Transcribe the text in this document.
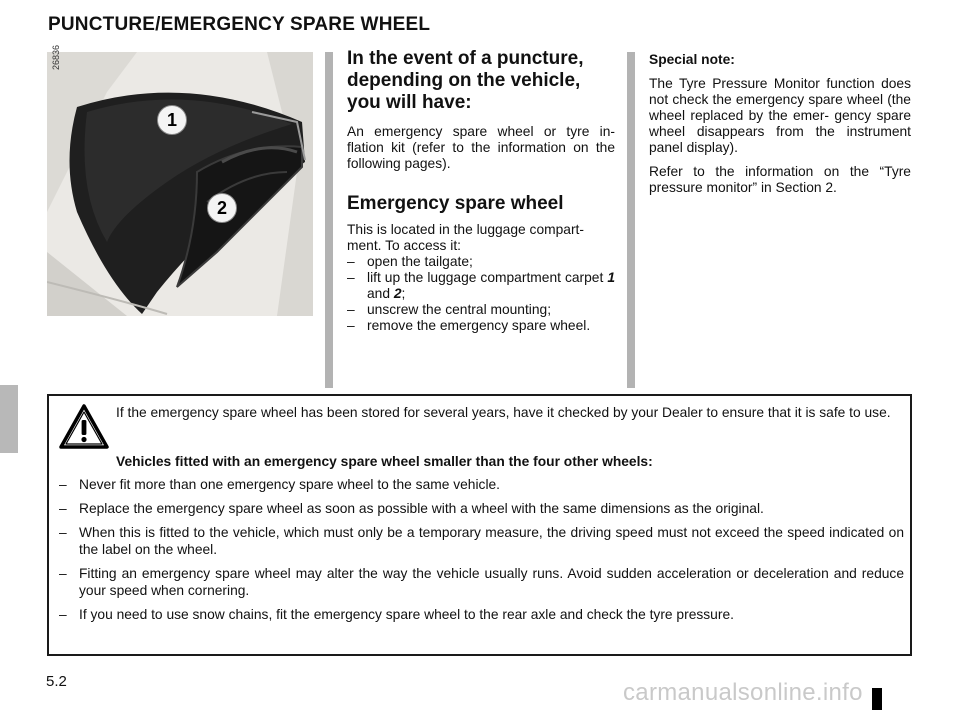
PUNCTURE/EMERGENCY SPARE WHEEL
1
2
26836	In the event of a puncture, depending on the vehicle, you will have:
An emergency spare wheel or tyre in- flation kit (refer to the information on the following pages).
Emergency spare wheel
This is located in the luggage compart- ment. To access it:
– open the tailgate;
– lift up the luggage compartment carpet 1 and 2;
– unscrew the central mounting;
– remove the emergency spare wheel.
Special note:
The Tyre Pressure Monitor function does not check the emergency spare wheel (the wheel replaced by the emer- gency spare wheel disappears from the instrument panel display).
Refer to the information on the “Tyre pressure monitor” in Section 2.
If the emergency spare wheel has been stored for several years, have it checked by your Dealer to ensure that it is safe to use.
Vehicles fitted with an emergency spare wheel smaller than the four other wheels:
– Never fit more than one emergency spare wheel to the same vehicle.
– Replace the emergency spare wheel as soon as possible with a wheel with the same dimensions as the original.
– When this is fitted to the vehicle, which must only be a temporary measure, the driving speed must not exceed the speed indicated on the label on the wheel.
– Fitting an emergency spare wheel may alter the way the vehicle usually runs. Avoid sudden acceleration or deceleration and reduce your speed when cornering.
– If you need to use snow chains, fit the emergency spare wheel to the rear axle and check the tyre pressure.
5.2	carmanualsonline.info
